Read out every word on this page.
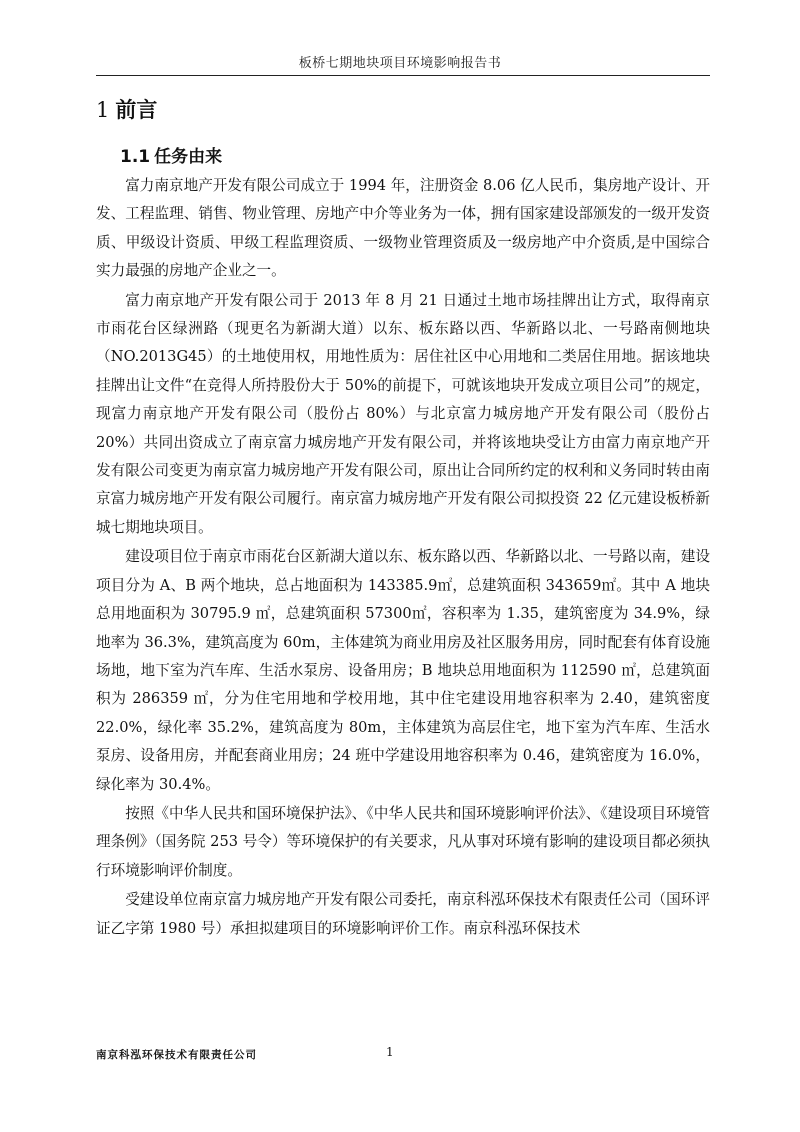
板桥七期地块项目环境影响报告书
1 前言
1.1 任务由来

富力南京地产开发有限公司成立于 1994 年，注册资金 8.06 亿人民币，集房地产设计、开发、工程监理、销售、物业管理、房地产中介等业务为一体，拥有国家建设部颁发的一级开发资质、甲级设计资质、甲级工程监理资质、一级物业管理资质及一级房地产中介资质,是中国综合实力最强的房地产企业之一。

富力南京地产开发有限公司于 2013 年 8 月 21 日通过土地市场挂牌出让方式，取得南京市雨花台区绿洲路（现更名为新湖大道）以东、板东路以西、华新路以北、一号路南侧地块（NO.2013G45）的土地使用权，用地性质为：居住社区中心用地和二类居住用地。据该地块挂牌出让文件“在竞得人所持股份大于 50%的前提下，可就该地块开发成立项目公司”的规定，现富力南京地产开发有限公司（股份占 80%）与北京富力城房地产开发有限公司（股份占 20%）共同出资成立了南京富力城房地产开发有限公司，并将该地块受让方由富力南京地产开发有限公司变更为南京富力城房地产开发有限公司，原出让合同所约定的权利和义务同时转由南京富力城房地产开发有限公司履行。南京富力城房地产开发有限公司拟投资 22 亿元建设板桥新城七期地块项目。

建设项目位于南京市雨花台区新湖大道以东、板东路以西、华新路以北、一号路以南，建设项目分为 A、B 两个地块，总占地面积为 143385.9㎡，总建筑面积 343659㎡。其中 A 地块总用地面积为 30795.9 ㎡，总建筑面积 57300㎡，容积率为 1.35，建筑密度为 34.9%，绿地率为 36.3%，建筑高度为 60m，主体建筑为商业用房及社区服务用房，同时配套有体育设施场地，地下室为汽车库、生活水泵房、设备用房；B 地块总用地面积为 112590 ㎡，总建筑面积为 286359 ㎡，分为住宅用地和学校用地，其中住宅建设用地容积率为 2.40，建筑密度 22.0%，绿化率 35.2%，建筑高度为 80m，主体建筑为高层住宅，地下室为汽车库、生活水泵房、设备用房，并配套商业用房；24 班中学建设用地容积率为 0.46，建筑密度为 16.0%，绿化率为 30.4%。

按照《中华人民共和国环境保护法》、《中华人民共和国环境影响评价法》、《建设项目环境管理条例》（国务院 253 号令）等环境保护的有关要求，凡从事对环境有影响的建设项目都必须执行环境影响评价制度。

受建设单位南京富力城房地产开发有限公司委托，南京科泓环保技术有限责任公司（国环评证乙字第 1980 号）承担拟建项目的环境影响评价工作。南京科泓环保技术

南京科泓环保技术有限责任公司	1
